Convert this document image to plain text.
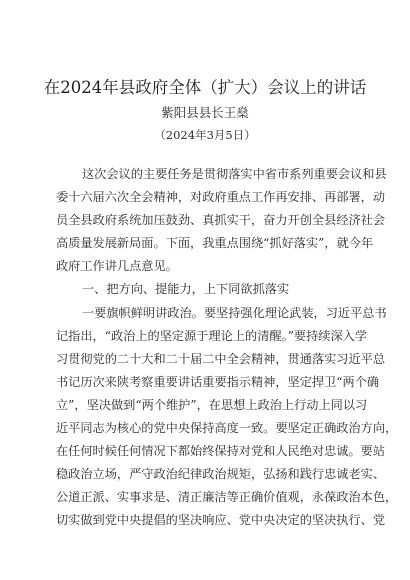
在2024年县政府全体（扩大）会议上的讲话
紫阳县县长王燊
（2024年3月5日）
这次会议的主要任务是贯彻落实中省市系列重要会议和县
委十六届六次全会精神，对政府重点工作再安排、再部署，动
员全县政府系统加压鼓劲、真抓实干，奋力开创全县经济社会
高质量发展新局面。下面，我重点围绕“抓好落实”，就今年
政府工作讲几点意见。
一、把方向、提能力，上下同欲抓落实
一要旗帜鲜明讲政治。要坚持强化理论武装，习近平总书
记指出，“政治上的坚定源于理论上的清醒。”要持续深入学
习贯彻党的二十大和二十届二中全会精神，贯通落实习近平总
书记历次来陕考察重要讲话重要指示精神，坚定捍卫“两个确
立”，坚决做到“两个维护”，在思想上政治上行动上同以习
近平同志为核心的党中央保持高度一致。要坚定正确政治方向，
在任何时候任何情况下都始终保持对党和人民绝对忠诚。要站
稳政治立场，严守政治纪律政治规矩，弘扬和践行忠诚老实、
公道正派、实事求是、清正廉洁等正确价值观，永葆政治本色，
切实做到党中央提倡的坚决响应、党中央决定的坚决执行、党
